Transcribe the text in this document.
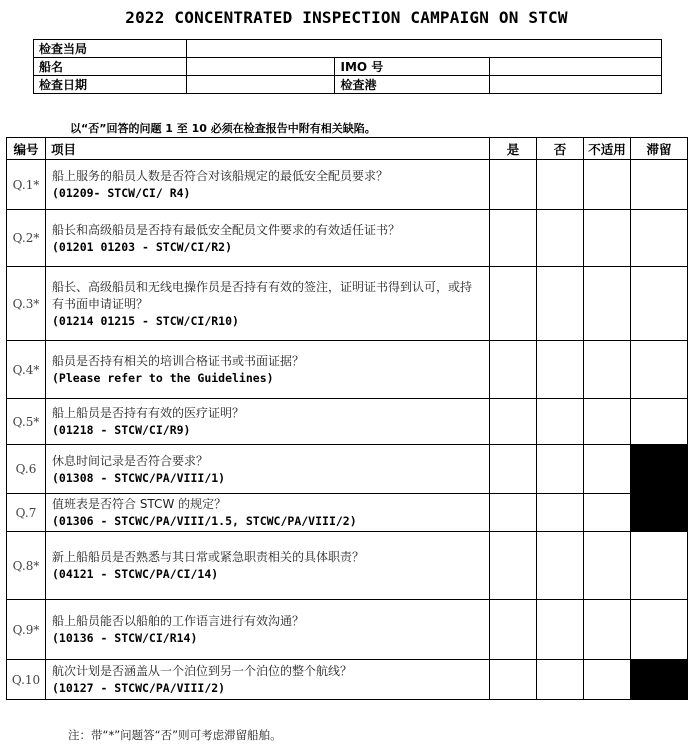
2022 CONCENTRATED INSPECTION CAMPAIGN ON STCW
检查当局			
船名		IMO 号	
检查日期		检查港	
以“否”回答的问题 1 至 10 必须在检查报告中附有相关缺陷。
编号	项目	是	否	不适用	滞留
Q.1*	船上服务的船员人数是否符合对该船规定的最低安全配员要求？
(01209- STCW/CI/ R4)				

Q.2*	船长和高级船员是否持有最低安全配员文件要求的有效适任证书？
(01201 01203 - STCW/CI/R2)				

Q.3*	船长、高级船员和无线电操作员是否持有有效的签注，证明证书得到认可，或持有书面申请证明？
(01214 01215 - STCW/CI/R10)				

Q.4*	船员是否持有相关的培训合格证书或书面证据？
(Please refer to the Guidelines)				

Q.5*	船上船员是否持有有效的医疗证明？
(01218 - STCW/CI/R9)				

Q.6	休息时间记录是否符合要求？
(01308 - STCWC/PA/VIII/1)				

Q.7	值班表是否符合 STCW 的规定？
(01306 - STCWC/PA/VIII/1.5, STCWC/PA/VIII/2)				

Q.8*	新上船船员是否熟悉与其日常或紧急职责相关的具体职责？
(04121 - STCWC/PA/CI/14)				

Q.9*	船上船员能否以船舶的工作语言进行有效沟通？
(10136 - STCW/CI/R14)				

Q.10	航次计划是否涵盖从一个泊位到另一个泊位的整个航线？
(10127 - STCWC/PA/VIII/2)				

注：带“*”问题答“否”则可考虑滞留船舶。
